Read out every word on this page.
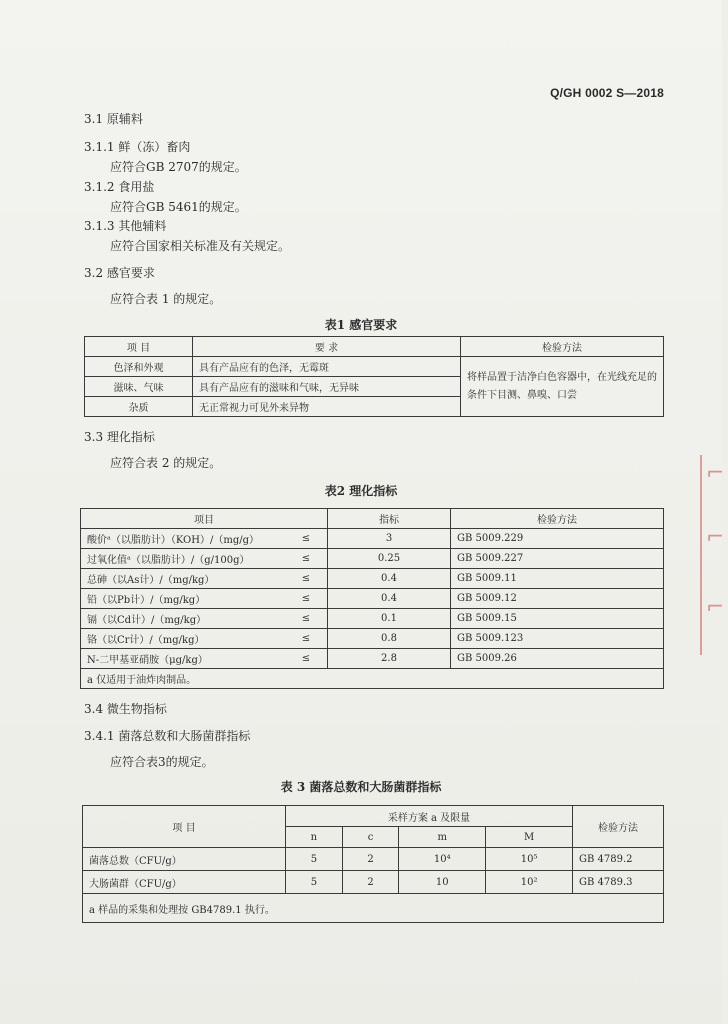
Q/GH 0002 S—2018
3.1 原辅料
3.1.1 鲜（冻）畜肉
应符合GB 2707的规定。
3.1.2 食用盐
应符合GB 5461的规定。
3.1.3 其他辅料
应符合国家相关标准及有关规定。
3.2 感官要求
应符合表 1 的规定。
表1 感官要求
项 目	要 求	检验方法
色泽和外观	具有产品应有的色泽，无霉斑	将样品置于洁净白色容器中，在光线充足的条件下目测、鼻嗅、口尝
滋味、气味	具有产品应有的滋味和气味，无异味	
杂质	无正常视力可见外来异物	
3.3 理化指标
应符合表 2 的规定。
表2 理化指标
项目		指标	检验方法
酸价ᵃ（以脂肪计）（KOH）/（mg/g）	≤	3	GB 5009.229
过氧化值ᵃ（以脂肪计）/（g/100g）	≤	0.25	GB 5009.227
总砷（以As计）/（mg/kg）	≤	0.4	GB 5009.11
铅（以Pb计）/（mg/kg）	≤	0.4	GB 5009.12
镉（以Cd计）/（mg/kg）	≤	0.1	GB 5009.15
铬（以Cr计）/（mg/kg）	≤	0.8	GB 5009.123
N-二甲基亚硝胺（μg/kg）	≤	2.8	GB 5009.26
a 仅适用于油炸肉制品。			
3.4 微生物指标
3.4.1 菌落总数和大肠菌群指标
应符合表3的规定。
表 3 菌落总数和大肠菌群指标
项 目	采样方案 a 及限量				检验方法
	n	c	m	M	
菌落总数（CFU/g）	5	2	10⁴	10⁵	GB 4789.2
大肠菌群（CFU/g）	5	2	10	10²	GB 4789.3
a 样品的采集和处理按 GB4789.1 执行。					
⌐
⌐
⌐
